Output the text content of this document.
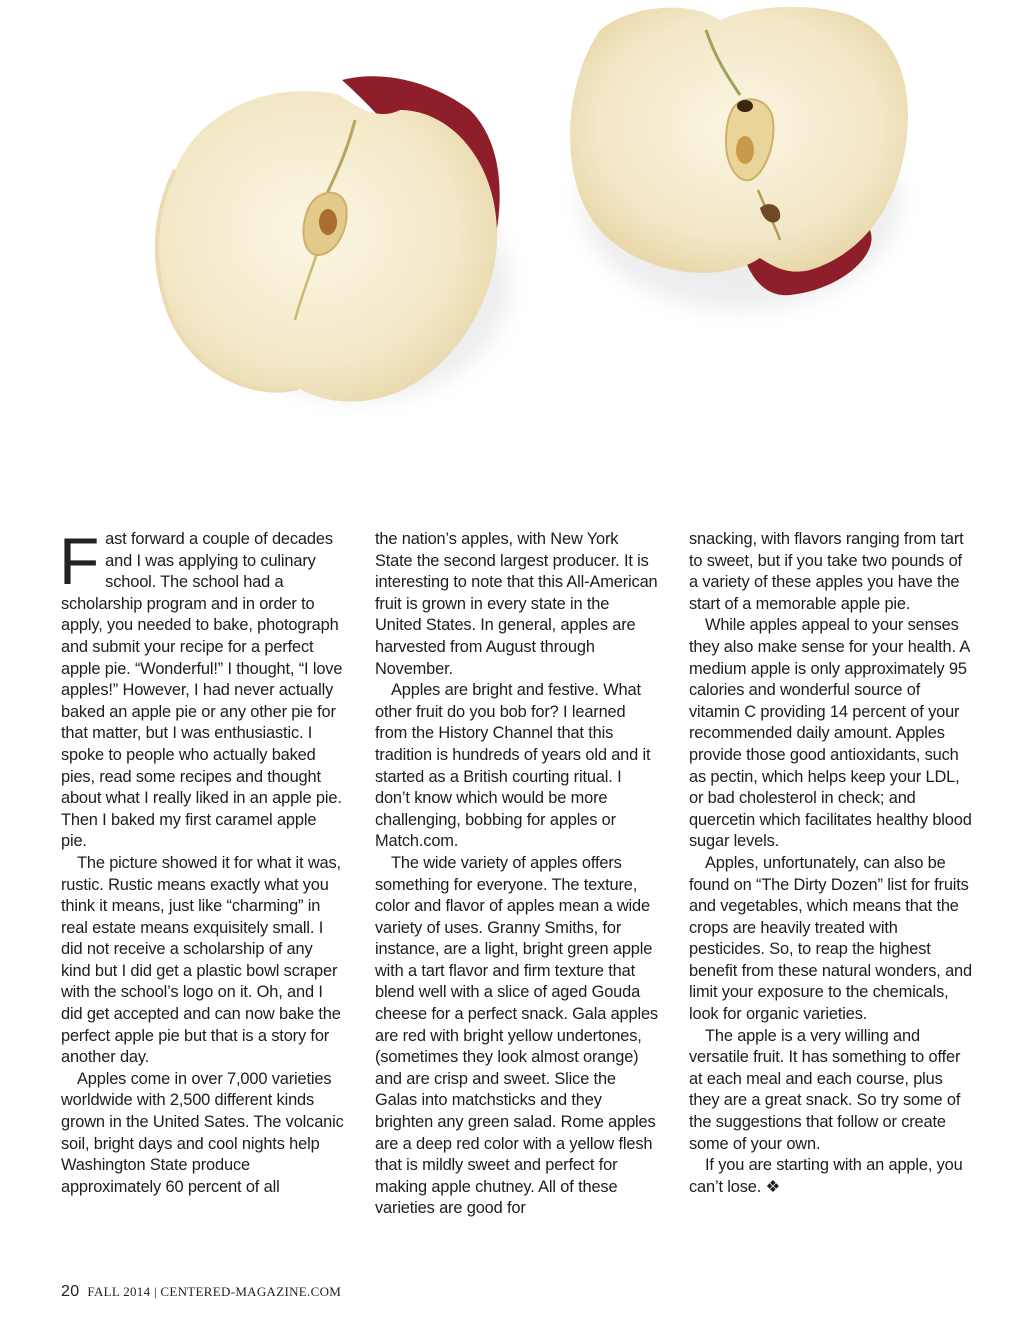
Fast forward a couple of decades and I was applying to culinary school. The school had a scholarship program and in order to apply, you needed to bake, photograph and submit your recipe for a perfect apple pie. “Wonderful!” I thought, “I love apples!” However, I had never actually baked an apple pie or any other pie for that matter, but I was enthusiastic. I spoke to people who actually baked pies, read some recipes and thought about what I really liked in an apple pie. Then I baked my first caramel apple pie.

The picture showed it for what it was, rustic. Rustic means exactly what you think it means, just like “charming” in real estate means exquisitely small. I did not receive a scholarship of any kind but I did get a plastic bowl scraper with the school’s logo on it. Oh, and I did get accepted and can now bake the perfect apple pie but that is a story for another day.

Apples come in over 7,000 varieties worldwide with 2,500 different kinds grown in the United Sates. The volcanic soil, bright days and cool nights help Washington State produce approximately 60 percent of all

the nation’s apples, with New York State the second largest producer. It is interesting to note that this All-American fruit is grown in every state in the United States. In general, apples are harvested from August through November.

Apples are bright and festive. What other fruit do you bob for? I learned from the History Channel that this tradition is hundreds of years old and it started as a British courting ritual. I don’t know which would be more challenging, bobbing for apples or Match.com.

The wide variety of apples offers something for everyone. The texture, color and flavor of apples mean a wide variety of uses. Granny Smiths, for instance, are a light, bright green apple with a tart flavor and firm texture that blend well with a slice of aged Gouda cheese for a perfect snack. Gala apples are red with bright yellow undertones, (sometimes they look almost orange) and are crisp and sweet. Slice the Galas into matchsticks and they brighten any green salad. Rome apples are a deep red color with a yellow flesh that is mildly sweet and perfect for making apple chutney. All of these varieties are good for

snacking, with flavors ranging from tart to sweet, but if you take two pounds of a variety of these apples you have the start of a memorable apple pie.

While apples appeal to your senses they also make sense for your health. A medium apple is only approximately 95 calories and wonderful source of vitamin C providing 14 percent of your recommended daily amount. Apples provide those good antioxidants, such as pectin, which helps keep your LDL, or bad cholesterol in check; and quercetin which facilitates healthy blood sugar levels.

Apples, unfortunately, can also be found on “The Dirty Dozen” list for fruits and vegetables, which means that the crops are heavily treated with pesticides. So, to reap the highest benefit from these natural wonders, and limit your exposure to the chemicals, look for organic varieties.

The apple is a very willing and versatile fruit. It has something to offer at each meal and each course, plus they are a great snack. So try some of the suggestions that follow or create some of your own.

If you are starting with an apple, you can’t lose. ❖

20 FALL 2014 | CENTERED-MAGAZINE.COM
